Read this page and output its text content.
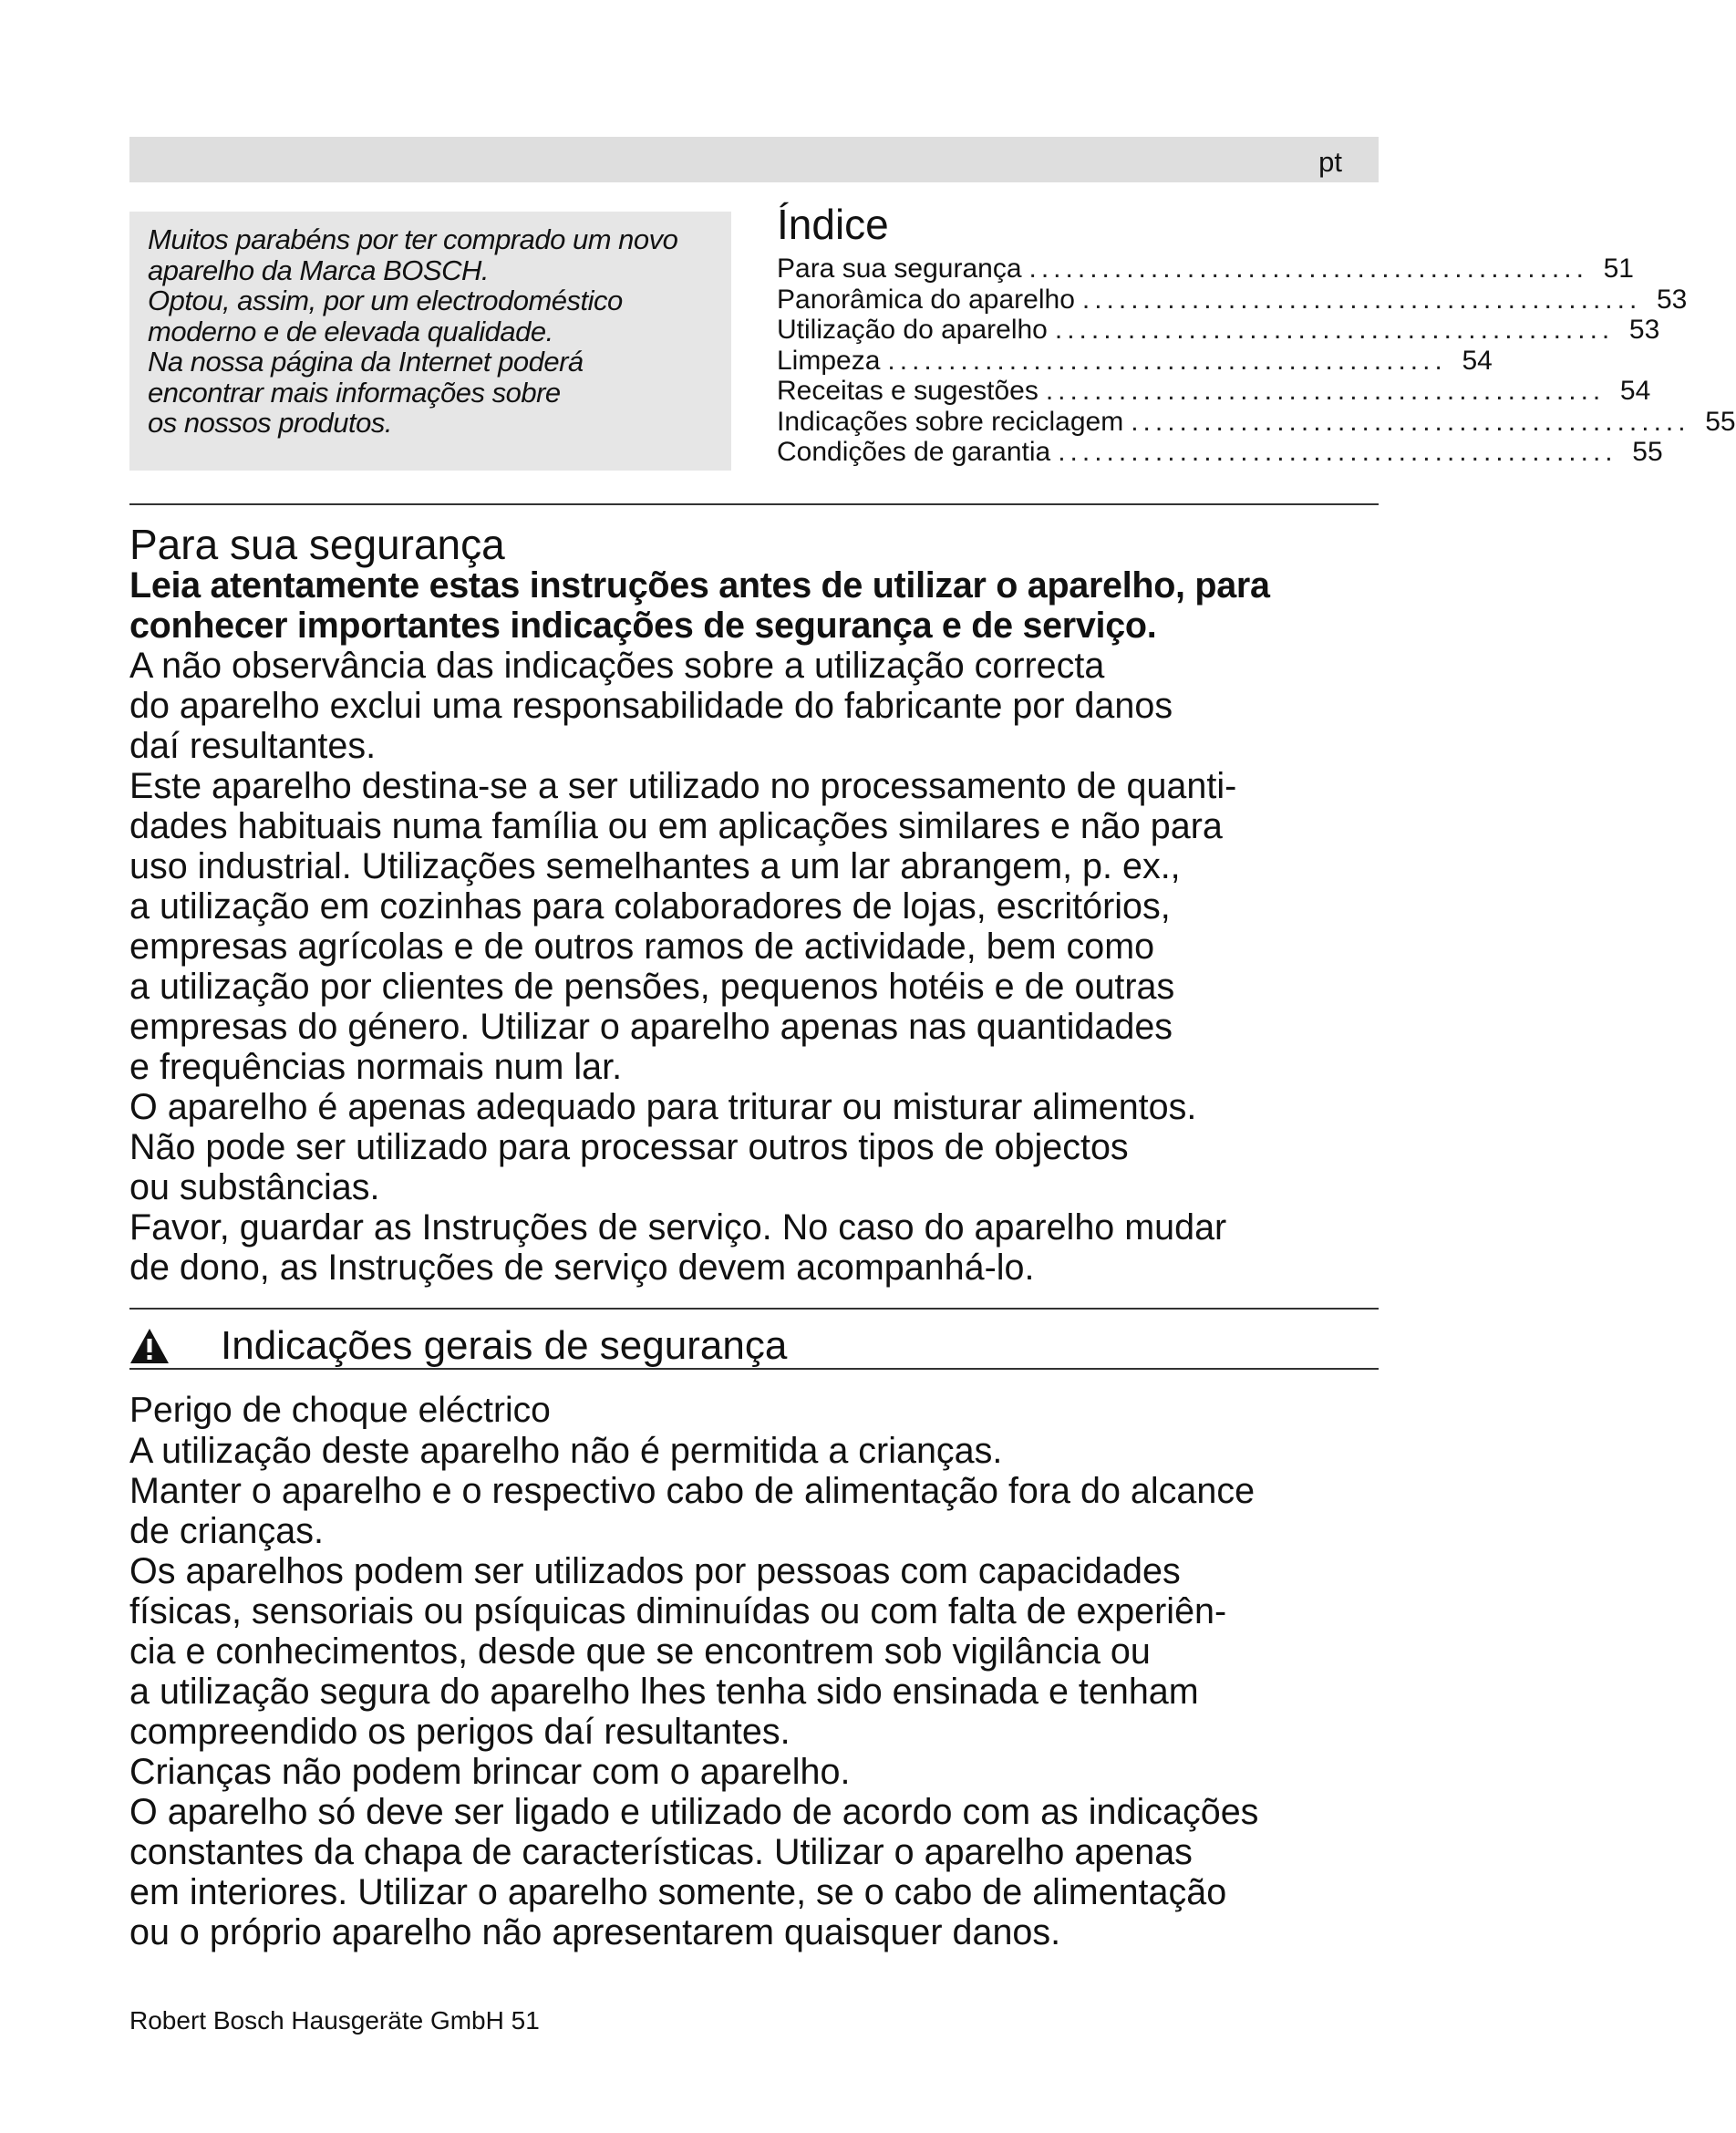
pt
Muitos parabéns por ter comprado um novo
aparelho da Marca BOSCH.
Optou, assim, por um electrodoméstico
moderno e de elevada qualidade.
Na nossa página da Internet poderá
encontrar mais informações sobre
os nossos produtos.
Índice
Para sua segurança .............................................. 51
Panorâmica do aparelho .............................................. 53
Utilização do aparelho .............................................. 53
Limpeza .............................................. 54
Receitas e sugestões .............................................. 54
Indicações sobre reciclagem .............................................. 55
Condições de garantia .............................................. 55
Para sua segurança
Leia atentamente estas instruções antes de utilizar o aparelho, para
conhecer importantes indicações de segurança e de serviço.
A não observância das indicações sobre a utilização correcta
do aparelho exclui uma responsabilidade do fabricante por danos
daí resultantes.
Este aparelho destina-se a ser utilizado no processamento de quanti-
dades habituais numa família ou em aplicações similares e não para
uso industrial. Utilizações semelhantes a um lar abrangem, p. ex.,
a utilização em cozinhas para colaboradores de lojas, escritórios,
empresas agrícolas e de outros ramos de actividade, bem como
a utilização por clientes de pensões, pequenos hotéis e de outras
empresas do género. Utilizar o aparelho apenas nas quantidades
e frequências normais num lar.
O aparelho é apenas adequado para triturar ou misturar alimentos.
Não pode ser utilizado para processar outros tipos de objectos
ou substâncias.
Favor, guardar as Instruções de serviço. No caso do aparelho mudar
de dono, as Instruções de serviço devem acompanhá-lo.
Indicações gerais de segurança
Perigo de choque eléctrico
A utilização deste aparelho não é permitida a crianças.
Manter o aparelho e o respectivo cabo de alimentação fora do alcance
de crianças.
Os aparelhos podem ser utilizados por pessoas com capacidades
físicas, sensoriais ou psíquicas diminuídas ou com falta de experiên-
cia e conhecimentos, desde que se encontrem sob vigilância ou
a utilização segura do aparelho lhes tenha sido ensinada e tenham
compreendido os perigos daí resultantes.
Crianças não podem brincar com o aparelho.
O aparelho só deve ser ligado e utilizado de acordo com as indicações
constantes da chapa de características. Utilizar o aparelho apenas
em interiores. Utilizar o aparelho somente, se o cabo de alimentação
ou o próprio aparelho não apresentarem quaisquer danos.
Robert Bosch Hausgeräte GmbH 51
